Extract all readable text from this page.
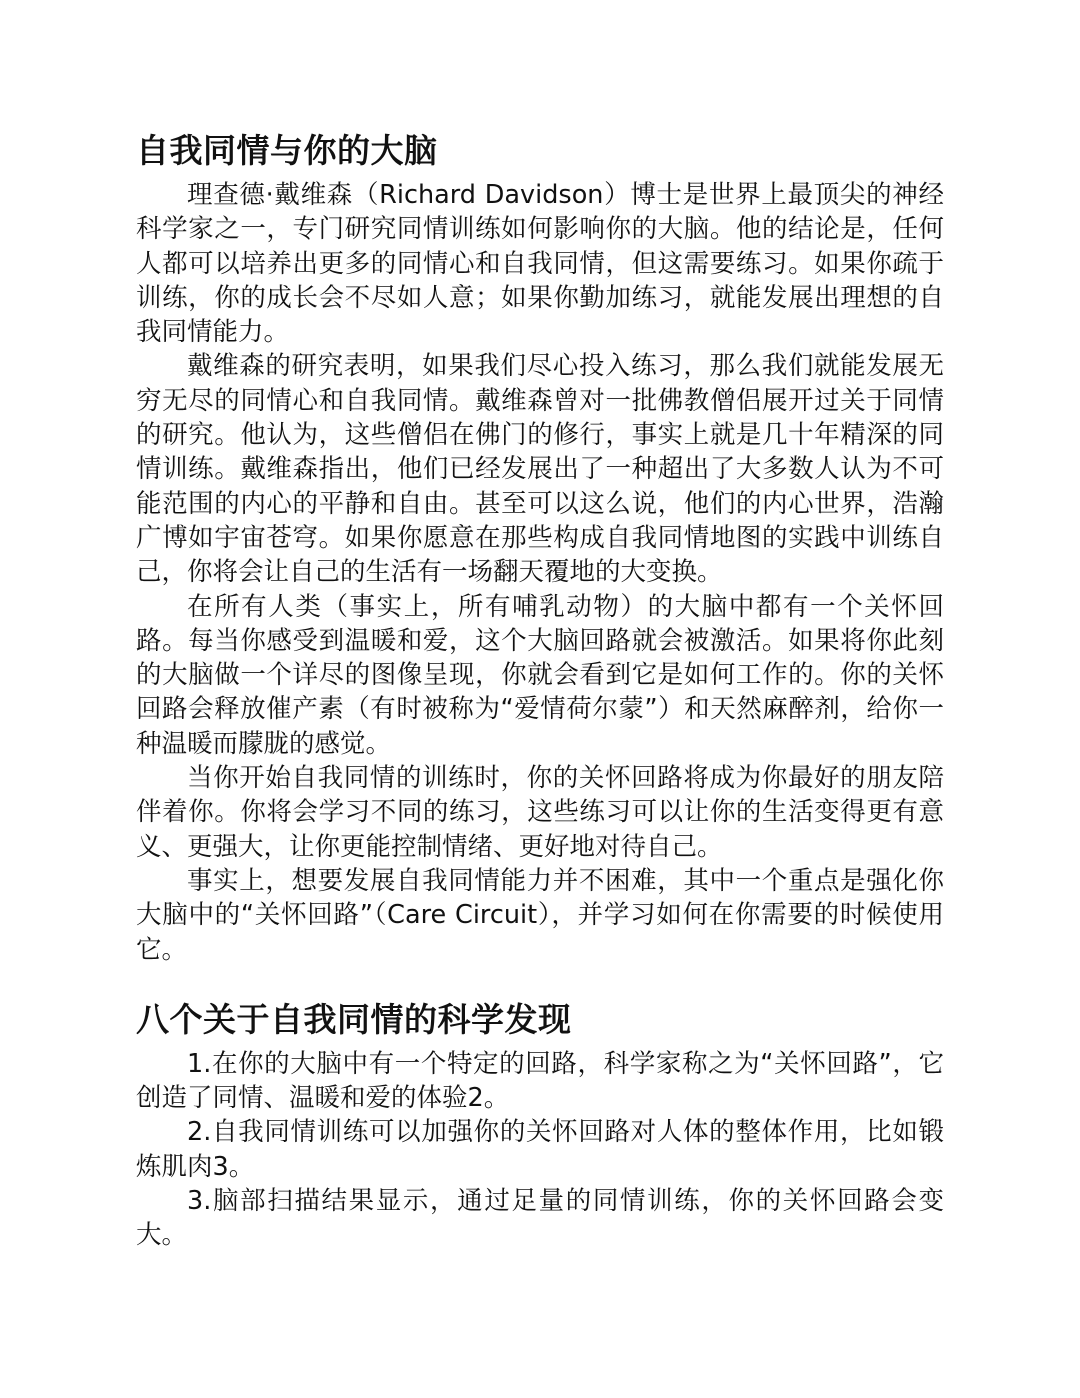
自我同情与你的大脑

理查德·戴维森（Richard Davidson）博士是世界上最顶尖的神经科学家之一，专门研究同情训练如何影响你的大脑。他的结论是，任何人都可以培养出更多的同情心和自我同情，但这需要练习。如果你疏于训练，你的成长会不尽如人意；如果你勤加练习，就能发展出理想的自我同情能力。

戴维森的研究表明，如果我们尽心投入练习，那么我们就能发展无穷无尽的同情心和自我同情。戴维森曾对一批佛教僧侣展开过关于同情的研究。他认为，这些僧侣在佛门的修行，事实上就是几十年精深的同情训练。戴维森指出，他们已经发展出了一种超出了大多数人认为不可能范围的内心的平静和自由。甚至可以这么说，他们的内心世界，浩瀚广博如宇宙苍穹。如果你愿意在那些构成自我同情地图的实践中训练自己，你将会让自己的生活有一场翻天覆地的大变换。

在所有人类（事实上，所有哺乳动物）的大脑中都有一个关怀回路。每当你感受到温暖和爱，这个大脑回路就会被激活。如果将你此刻的大脑做一个详尽的图像呈现，你就会看到它是如何工作的。你的关怀回路会释放催产素（有时被称为“爱情荷尔蒙”）和天然麻醉剂，给你一种温暖而朦胧的感觉。

当你开始自我同情的训练时，你的关怀回路将成为你最好的朋友陪伴着你。你将会学习不同的练习，这些练习可以让你的生活变得更有意义、更强大，让你更能控制情绪、更好地对待自己。

事实上，想要发展自我同情能力并不困难，其中一个重点是强化你大脑中的“关怀回路”（Care Circuit），并学习如何在你需要的时候使用它。

八个关于自我同情的科学发现

1.在你的大脑中有一个特定的回路，科学家称之为“关怀回路”，它创造了同情、温暖和爱的体验2。

2.自我同情训练可以加强你的关怀回路对人体的整体作用，比如锻炼肌肉3。

3.脑部扫描结果显示，通过足量的同情训练，你的关怀回路会变大。
